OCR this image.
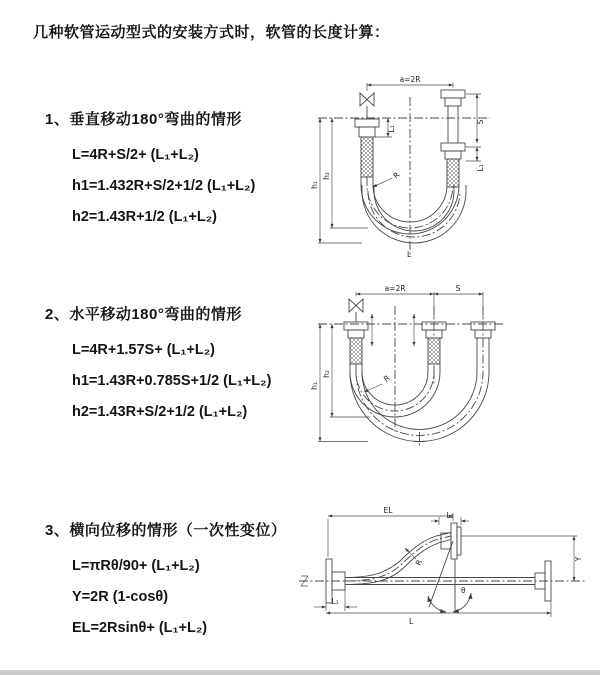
几种软管运动型式的安装方式时，软管的长度计算：
1、垂直移动180°弯曲的情形
L=4R+S/2+ (L₁+L₂)
h1=1.432R+S/2+1/2 (L₁+L₂)
h2=1.43R+1/2 (L₁+L₂)
a=2R
S
L₁
L₁
h₁
h₂	R
L
2、水平移动180°弯曲的情形
L=4R+1.57S+ (L₁+L₂)
h1=1.43R+0.785S+1/2 (L₁+L₂)
h2=1.43R+S/2+1/2 (L₁+L₂)
a=2R	S
h₁
h₂	R
3、横向位移的情形（一次性变位）
L=πRθ/90+ (L₁+L₂)
Y=2R (1-cosθ)
EL=2Rsinθ+ (L₁+L₂)
θ
R
EL
L₂
Y
L₁
L
